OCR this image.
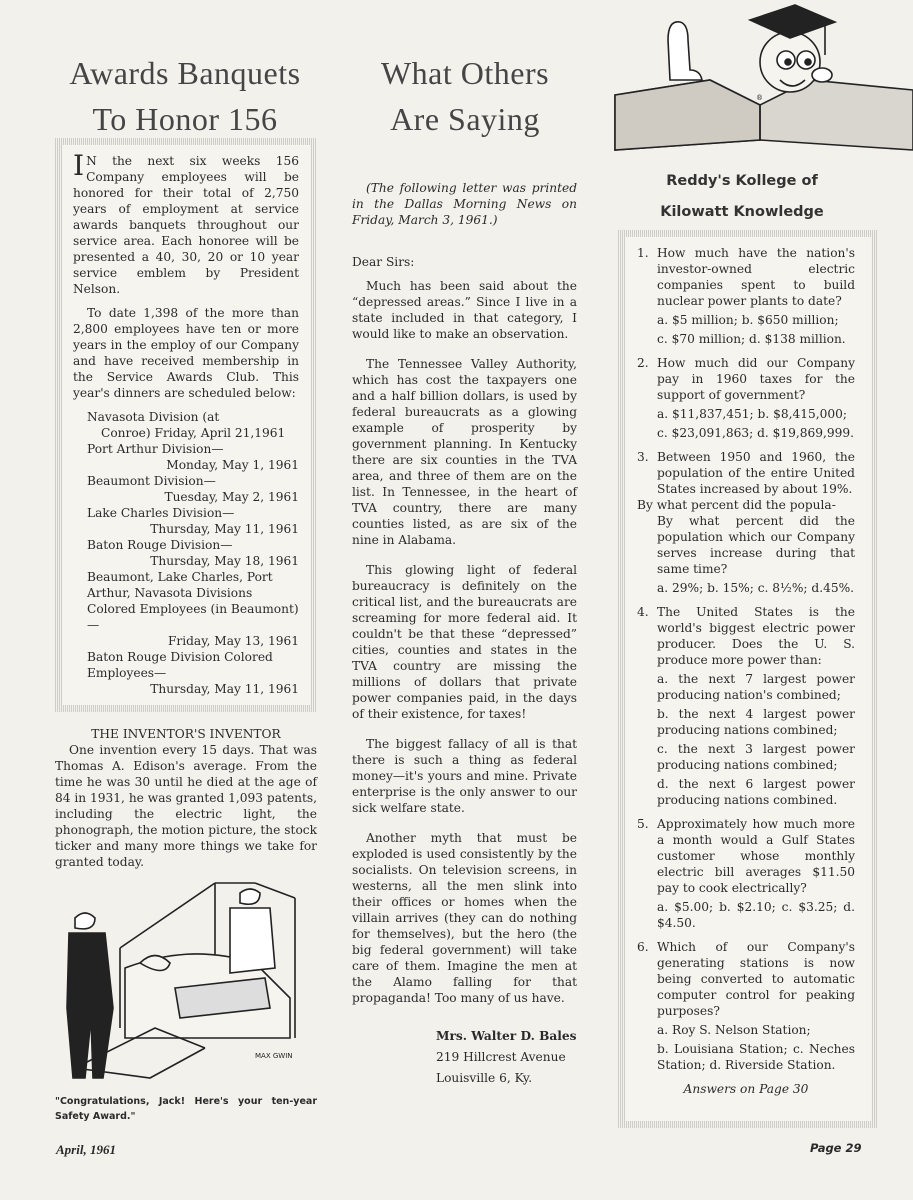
Awards Banquets
To Honor 156

I N the next six weeks 156 Company employees will be honored for their total of 2,750 years of employment at service awards banquets throughout our service area. Each honoree will be presented a 40, 30, 20 or 10 year service emblem by President Nelson.

To date 1,398 of the more than 2,800 employees have ten or more years in the employ of our Company and have received membership in the Service Awards Club. This year's dinners are scheduled below:

Navasota Division (at
Conroe) Friday, April 21,1961
Port Arthur Division—
Monday, May 1, 1961
Beaumont Division—
Tuesday, May 2, 1961
Lake Charles Division—
Thursday, May 11, 1961
Baton Rouge Division—
Thursday, May 18, 1961
Beaumont, Lake Charles, Port Arthur, Navasota Divisions Colored Employees (in Beaumont)—
Friday, May 13, 1961
Baton Rouge Division Colored Employees—
Thursday, May 11, 1961
THE INVENTOR'S INVENTOR

One invention every 15 days. That was Thomas A. Edison's average. From the time he was 30 until he died at the age of 84 in 1931, he was granted 1,093 patents, including the electric light, the phonograph, the motion picture, the stock ticker and many more things we take for granted today.

MAX GWIN
"Congratulations, Jack! Here's your ten-year Safety Award."
What Others
Are Saying

(The following letter was printed in the Dallas Morning News on Friday, March 3, 1961.)

Dear Sirs:

Much has been said about the “depressed areas.” Since I live in a state included in that category, I would like to make an observation.

The Tennessee Valley Authority, which has cost the taxpayers one and a half billion dollars, is used by federal bureaucrats as a glowing example of prosperity by government planning. In Kentucky there are six counties in the TVA area, and three of them are on the list. In Tennessee, in the heart of TVA country, there are many counties listed, as are six of the nine in Alabama.

This glowing light of federal bureaucracy is definitely on the critical list, and the bureaucrats are screaming for more federal aid. It couldn't be that these “depressed” cities, counties and states in the TVA country are missing the millions of dollars that private power companies paid, in the days of their existence, for taxes!

The biggest fallacy of all is that there is such a thing as federal money—it's yours and mine. Private enterprise is the only answer to our sick welfare state.

Another myth that must be exploded is used consistently by the socialists. On television screens, in westerns, all the men slink into their offices or homes when the villain arrives (they can do nothing for themselves), but the hero (the big federal government) will take care of them. Imagine the men at the Alamo falling for that propaganda! Too many of us have.

Mrs. Walter D. Bales
219 Hillcrest Avenue
Louisville 6, Ky.
®
Reddy's Kollege of
Kilowatt Knowledge
1. How much have the nation's investor-owned electric companies spent to build nuclear power plants to date?
a. $5 million; b. $650 million;
c. $70 million; d. $138 million.
2. How much did our Company pay in 1960 taxes for the support of government?
a. $11,837,451; b. $8,415,000;
c. $23,091,863; d. $19,869,999.
3. Between 1950 and 1960, the population of the entire United States increased by about 19%.
By what percent did the popula-
By what percent did the population which our Company serves increase during that same time?
a. 29%; b. 15%; c. 8½%; d.45%.
4. The United States is the world's biggest electric power producer. Does the U. S. produce more power than:
a. the next 7 largest power producing nation's combined;
b. the next 4 largest power producing nations combined;
c. the next 3 largest power producing nations combined;
d. the next 6 largest power producing nations combined.
5. Approximately how much more a month would a Gulf States customer whose monthly electric bill averages $11.50 pay to cook electrically?
a. $5.00; b. $2.10; c. $3.25; d. $4.50.
6. Which of our Company's generating stations is now being converted to automatic computer control for peaking purposes?
a. Roy S. Nelson Station;
b. Louisiana Station; c. Neches Station; d. Riverside Station.
Answers on Page 30
April, 1961	Page 29
